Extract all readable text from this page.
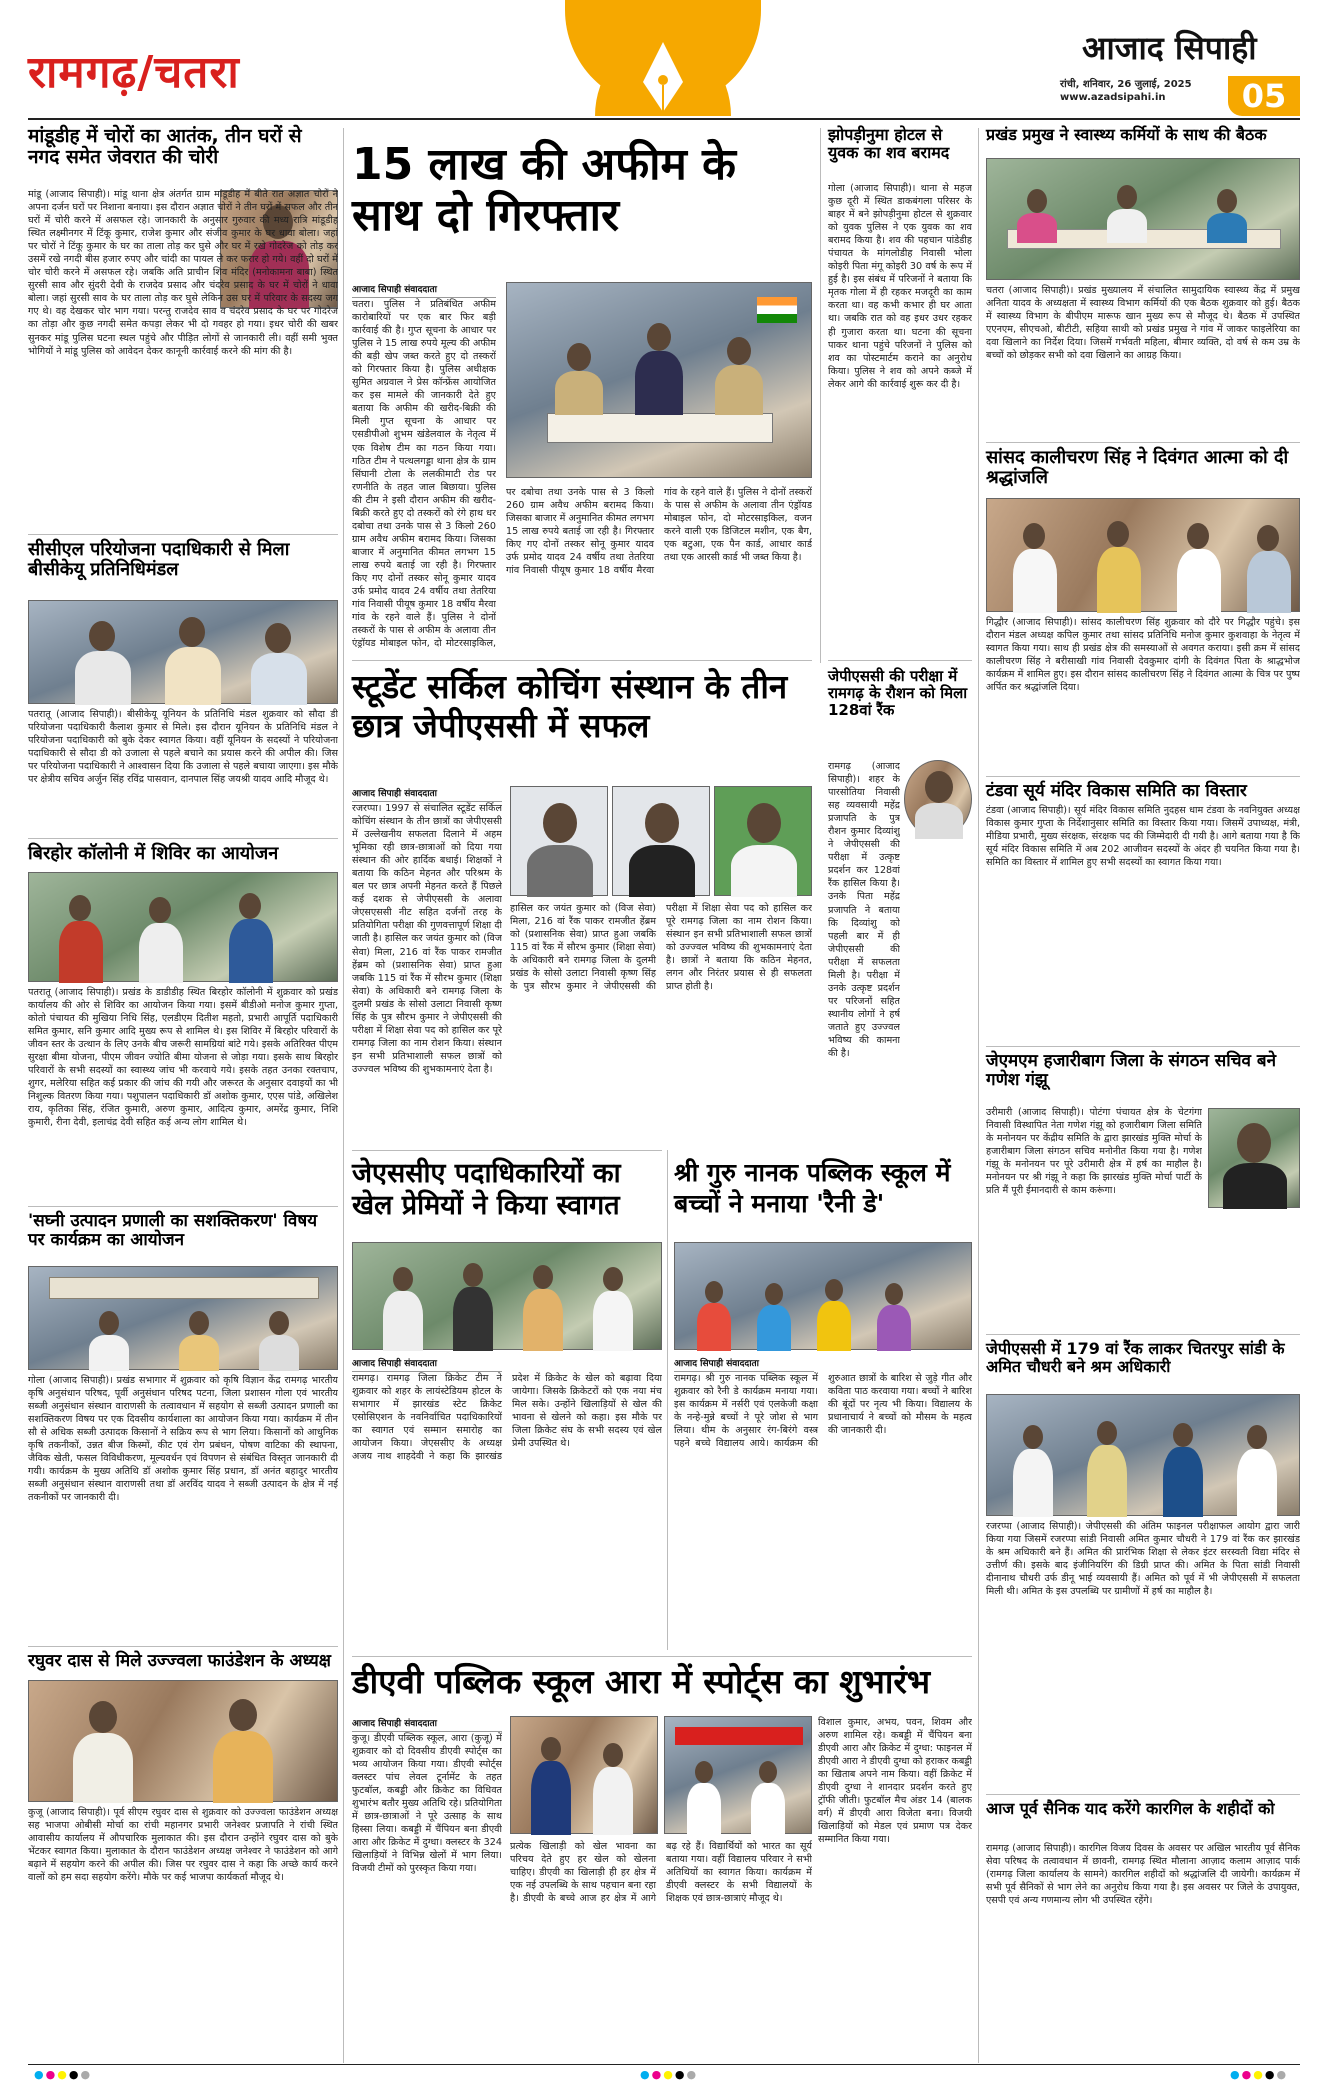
रामगढ़/चतरा	आजाद सिपाही
रांची, शनिवार, 26 जुलाई, 2025
www.azadsipahi.in	05
मांडूडीह में चोरों का आतंक, तीन घरों से नगद समेत जेवरात की चोरी
मांडू (आजाद सिपाही)। मांडू थाना क्षेत्र अंतर्गत ग्राम मांडूडीह में बीते रात अज्ञात चोरों ने अपना दर्जन घरों पर निशाना बनाया। इस दौरान अज्ञात चोरों ने तीन घरों में सफल और तीन घरों में चोरी करने में असफल रहे। जानकारी के अनुसार गुरुवार की मध्य रात्रि मांडूडीह स्थित लक्ष्मीनगर में टिंकू कुमार, राजेश कुमार और संजीव कुमार के घर धावा बोला। जहां पर चोरों ने टिंकू कुमार के घर का ताला तोड़ कर घुसे और घर में रखे गोदरेज को तोड़ कर उसमें रखे नगदी बीस हजार रुपए और चांदी का पायल ले कर फरार हो गये। वहीं दो घरों में चोर चोरी करने में असफल रहे। जबकि अति प्राचीन शिव मंदिर (मनोकामना बाबा) स्थित सुरसी साव और सुंदरी देवी के राजदेव प्रसाद और चंदरेव प्रसाद के घर में चोरों ने धावा बोला। जहां सुरसी साव के घर ताला तोड़ कर घुसे लेकिन उस घर में परिवार के सदस्य जग गए थे। वह देखकर चोर भाग गया। परन्तु राजदेव साव व चंदरेव प्रसाद के घर पर गोदरेज का तोड़ा और कुछ नगदी समेत कपड़ा लेकर भी दो गवहर हो गया। इधर चोरी की खबर सुनकर मांडू पुलिस घटना स्थल पहुंचे और पीड़ित लोगों से जानकारी ली। वहीं समी भुक्त भोगियों ने मांडू पुलिस को आवेदन देकर कानूनी कार्रवाई करने की मांग की है।
सीसीएल परियोजना पदाधिकारी से मिला बीसीकेयू प्रतिनिधिमंडल
पतरातू (आजाद सिपाही)। बीसीकेयू यूनियन के प्रतिनिधि मंडल शुक्रवार को सौदा डी परियोजना पदाधिकारी कैलाश कुमार से मिले। इस दौरान यूनियन के प्रतिनिधि मंडल ने परियोजना पदाधिकारी को बुके देकर स्वागत किया। वहीं यूनियन के सदस्यों ने परियोजना पदाधिकारी से सौदा डी को उजाला से पहले बचाने का प्रयास करने की अपील की। जिस पर परियोजना पदाधिकारी ने आश्वासन दिया कि उजाला से पहले बचाया जाएगा। इस मौके पर क्षेत्रीय सचिव अर्जुन सिंह रविंद्र पासवान, दानपाल सिंह जयश्री यादव आदि मौजूद थे।
बिरहोर कॉलोनी में शिविर का आयोजन
पतरातू (आजाद सिपाही)। प्रखंड के डाडीडीह स्थित बिरहोर कॉलोनी में शुक्रवार को प्रखंड कार्यालय की ओर से शिविर का आयोजन किया गया। इसमें बीडीओ मनोज कुमार गुप्ता, कोतो पंचायत की मुखिया निधि सिंह, एलडीएम दितीश महतो, प्रभारी आपूर्ति पदाधिकारी समित कुमार, सनि कुमार आदि मुख्य रूप से शामिल थे। इस शिविर में बिरहोर परिवारों के जीवन स्तर के उत्थान के लिए उनके बीच जरूरी सामग्रियां बांटे गये। इसके अतिरिक्त पीएम सुरक्षा बीमा योजना, पीएम जीवन ज्योति बीमा योजना से जोड़ा गया। इसके साथ बिरहोर परिवारों के सभी सदस्यों का स्वास्थ्य जांच भी करवाये गये। इसके तहत उनका रक्तचाप, शुगर, मलेरिया सहित कई प्रकार की जांच की गयी और जरूरत के अनुसार दवाइयों का भी निशुल्क वितरण किया गया। पशुपालन पदाधिकारी डॉ अशोक कुमार, एएस पांडे, अखिलेश राय, कृतिका सिंह, रंजित कुमारी, अरुण कुमार, आदित्य कुमार, अमरेंद्र कुमार, निशि कुमारी, रीना देवी, इलाचंद्र देवी सहित कई अन्य लोग शामिल थे।
'सघ्नी उत्पादन प्रणाली का सशक्तिकरण' विषय पर कार्यक्रम का आयोजन
गोला (आजाद सिपाही)। प्रखंड सभागार में शुक्रवार को कृषि विज्ञान केंद्र रामगढ़ भारतीय कृषि अनुसंधान परिषद, पूर्वी अनुसंधान परिषद पटना, जिला प्रशासन गोला एवं भारतीय सब्जी अनुसंधान संस्थान वाराणसी के तत्वावधान में सहयोग से सब्जी उत्पादन प्रणाली का सशक्तिकरण विषय पर एक दिवसीय कार्यशाला का आयोजन किया गया। कार्यक्रम में तीन सौ से अधिक सब्जी उत्पादक किसानों ने सक्रिय रूप से भाग लिया। किसानों को आधुनिक कृषि तकनीकों, उन्नत बीज किस्मों, कीट एवं रोग प्रबंधन, पोषण वाटिका की स्थापना, जैविक खेती, फसल विविधीकरण, मूल्यवर्धन एवं विपणन से संबंधित विस्तृत जानकारी दी गयी। कार्यक्रम के मुख्य अतिथि डॉ अशोक कुमार सिंह प्रधान, डॉ अनंत बहादुर भारतीय सब्जी अनुसंधान संस्थान वाराणसी तथा डॉ अरविंद यादव ने सब्जी उत्पादन के क्षेत्र में नई तकनीकों पर जानकारी दी।
रघुवर दास से मिले उज्ज्वला फाउंडेशन के अध्यक्ष
कुजू (आजाद सिपाही)। पूर्व सीएम रघुवर दास से शुक्रवार को उज्ज्वला फाउंडेशन अध्यक्ष सह भाजपा ओबीसी मोर्चा का रांची महानगर प्रभारी जनेश्वर प्रजापति ने रांची स्थित आवासीय कार्यालय में औपचारिक मुलाकात की। इस दौरान उन्होंने रघुवर दास को बुके भेंटकर स्वागत किया। मुलाकात के दौरान फाउंडेशन अध्यक्ष जनेश्वर ने फाउंडेशन को आगे बढ़ाने में सहयोग करने की अपील की। जिस पर रघुवर दास ने कहा कि अच्छे कार्य करने वालों को हम सदा सहयोग करेंगे। मौके पर कई भाजपा कार्यकर्ता मौजूद थे।
15 लाख की अफीम के साथ दो गिरफ्तार
आजाद सिपाही संवाददाता
चतरा। पुलिस ने प्रतिबंधित अफीम कारोबारियों पर एक बार फिर बड़ी कार्रवाई की है। गुप्त सूचना के आधार पर पुलिस ने 15 लाख रुपये मूल्य की अफीम की बड़ी खेप जब्त करते हुए दो तस्करों को गिरफ्तार किया है। पुलिस अधीक्षक सुमित अग्रवाल ने प्रेस कॉन्फ्रेंस आयोजित कर इस मामले की जानकारी देते हुए बताया कि अफीम की खरीद-बिक्री की मिली गुप्त सूचना के आधार पर एसडीपीओ शुभम खंडेलवाल के नेतृत्व में एक विशेष टीम का गठन किया गया। गठित टीम ने पत्थलगड्डा थाना क्षेत्र के ग्राम सिंघानी टोला के ललकीमाटी रोड पर रणनीति के तहत जाल बिछाया। पुलिस की टीम ने इसी दौरान अफीम की खरीद-बिक्री करते हुए दो तस्करों को रंगे हाथ धर दबोचा तथा उनके पास से 3 किलो 260 ग्राम अवैध अफीम बरामद किया। जिसका बाजार में अनुमानित कीमत लगभग 15 लाख रुपये बताई जा रही है। गिरफ्तार किए गए दोनों तस्कर सोनू कुमार यादव उर्फ प्रमोद यादव 24 वर्षीय तथा तेतरिया गांव निवासी पीयूष कुमार 18 वर्षीय मैरवा गांव के रहने वाले हैं। पुलिस ने दोनों तस्करों के पास से अफीम के अलावा तीन एंड्रॉयड मोबाइल फोन, दो मोटरसाइकिल,
पर दबोचा तथा उनके पास से 3 किलो 260 ग्राम अवैध अफीम बरामद किया। जिसका बाजार में अनुमानित कीमत लगभग 15 लाख रुपये बताई जा रही है। गिरफ्तार किए गए दोनों तस्कर सोनू कुमार यादव उर्फ प्रमोद यादव 24 वर्षीय तथा तेतरिया गांव निवासी पीयूष कुमार 18 वर्षीय मैरवा गांव के रहने वाले हैं। पुलिस ने दोनों तस्करों के पास से अफीम के अलावा तीन एंड्रॉयड मोबाइल फोन, दो मोटरसाइकिल, वजन करने वाली एक डिजिटल मशीन, एक बैग, एक बटुआ, एक पैन कार्ड, आधार कार्ड तथा एक आरसी कार्ड भी जब्त किया है।
झोपड़ीनुमा होटल से युवक का शव बरामद
गोला (आजाद सिपाही)। थाना से महज कुछ दूरी में स्थित डाकबंगला परिसर के बाहर में बने झोपड़ीनुमा होटल से शुक्रवार को युवक पुलिस ने एक युवक का शव बरामद किया है। शव की पहचान पांडेडीह पंचायत के मांगलोडीह निवासी भोला कोइरी पिता मंगू कोइरी 30 वर्ष के रूप में हुई है। इस संबंध में परिजनों ने बताया कि मृतक गोला में ही रहकर मजदूरी का काम करता था। वह कभी कभार ही घर आता था। जबकि रात को वह इधर उधर रहकर ही गुजारा करता था। घटना की सूचना पाकर थाना पहुंचे परिजनों ने पुलिस को शव का पोस्टमार्टम कराने का अनुरोध किया। पुलिस ने शव को अपने कब्जे में लेकर आगे की कार्रवाई शुरू कर दी है।
स्टूडेंट सर्किल कोचिंग संस्थान के तीन छात्र जेपीएससी में सफल
आजाद सिपाही संवाददाता
रजरप्पा। 1997 से संचालित स्टूडेंट सर्किल कोचिंग संस्थान के तीन छात्रों का जेपीएससी में उल्लेखनीय सफलता दिलाने में अहम भूमिका रही छात्र-छात्राओं को दिया गया संस्थान की ओर हार्दिक बधाई। शिक्षकों ने बताया कि कठिन मेहनत और परिश्रम के बल पर छात्र अपनी मेहनत करते हैं पिछले कई दशक से जेपीएससी के अलावा जेएसएससी नीट सहित दर्जनों तरह के प्रतियोगिता परीक्षा की गुणवत्तापूर्ण शिक्षा दी जाती है। हासिल कर जयंत कुमार को (विज सेवा) मिला, 216 वां रैंक पाकर रामजीत हेंब्रम को (प्रशासनिक सेवा) प्राप्त हुआ जबकि 115 वां रैंक में सौरभ कुमार (शिक्षा सेवा) के अधिकारी बने रामगढ़ जिला के दुलमी प्रखंड के सोसो उलाटा निवासी कृष्ण सिंह के पुत्र सौरभ कुमार ने जेपीएससी की परीक्षा में शिक्षा सेवा पद को हासिल कर पूरे रामगढ़ जिला का नाम रोशन किया। संस्थान इन सभी प्रतिभाशाली सफल छात्रों को उज्ज्वल भविष्य की शुभकामनाएं देता है।
हासिल कर जयंत कुमार को (विज सेवा) मिला, 216 वां रैंक पाकर रामजीत हेंब्रम को (प्रशासनिक सेवा) प्राप्त हुआ जबकि 115 वां रैंक में सौरभ कुमार (शिक्षा सेवा) के अधिकारी बने रामगढ़ जिला के दुलमी प्रखंड के सोसो उलाटा निवासी कृष्ण सिंह के पुत्र सौरभ कुमार ने जेपीएससी की परीक्षा में शिक्षा सेवा पद को हासिल कर पूरे रामगढ़ जिला का नाम रोशन किया। संस्थान इन सभी प्रतिभाशाली सफल छात्रों को उज्ज्वल भविष्य की शुभकामनाएं देता है। छात्रों ने बताया कि कठिन मेहनत, लगन और निरंतर प्रयास से ही सफलता प्राप्त होती है।
जेपीएससी की परीक्षा में रामगढ़ के रौशन को मिला 128वां रैंक
रामगढ़ (आजाद सिपाही)। शहर के पारसोतिया निवासी सह व्यवसायी महेंद्र प्रजापति के पुत्र रौशन कुमार दिव्यांशु ने जेपीएससी की परीक्षा में उत्कृष्ट प्रदर्शन कर 128वां रैंक हासिल किया है। उनके पिता महेंद्र प्रजापति ने बताया कि दिव्यांशु को पहली बार में ही जेपीएससी की परीक्षा में सफलता मिली है। परीक्षा में उनके उत्कृष्ट प्रदर्शन पर परिजनों सहित स्थानीय लोगों ने हर्ष जताते हुए उज्ज्वल भविष्य की कामना की है।
जेएससीए पदाधिकारियों का खेल प्रेमियों ने किया स्वागत
आजाद सिपाही संवाददाता
रामगढ़। रामगढ़ जिला क्रिकेट टीम ने शुक्रवार को शहर के लायंस्टेडियम होटल के सभागार में झारखंड स्टेट क्रिकेट एसोसिएशन के नवनिर्वाचित पदाधिकारियों का स्वागत एवं सम्मान समारोह का आयोजन किया। जेएससीए के अध्यक्ष अजय नाथ शाहदेवी ने कहा कि झारखंड प्रदेश में क्रिकेट के खेल को बढ़ावा दिया जायेगा। जिसके क्रिकेटरों को एक नया मंच मिल सके। उन्होंने खिलाड़ियों से खेल की भावना से खेलने को कहा। इस मौके पर जिला क्रिकेट संघ के सभी सदस्य एवं खेल प्रेमी उपस्थित थे।
श्री गुरु नानक पब्लिक स्कूल में बच्चों ने मनाया 'रैनी डे'
आजाद सिपाही संवाददाता
रामगढ़। श्री गुरु नानक पब्लिक स्कूल में शुक्रवार को रैनी डे कार्यक्रम मनाया गया। इस कार्यक्रम में नर्सरी एवं एलकेजी कक्षा के नन्हे-मुन्ने बच्चों ने पूरे जोश से भाग लिया। थीम के अनुसार रंग-बिरंगे वस्त्र पहने बच्चे विद्यालय आये। कार्यक्रम की शुरुआत छात्रों के बारिश से जुड़े गीत और कविता पाठ करवाया गया। बच्चों ने बारिश की बूंदों पर नृत्य भी किया। विद्यालय के प्रधानाचार्य ने बच्चों को मौसम के महत्व की जानकारी दी।
डीएवी पब्लिक स्कूल आरा में स्पोर्ट्स का शुभारंभ
आजाद सिपाही संवाददाता
कुजू। डीएवी पब्लिक स्कूल, आरा (कुजू) में शुक्रवार को दो दिवसीय डीएवी स्पोर्ट्स का भव्य आयोजन किया गया। डीएवी स्पोर्ट्स क्लस्टर पांच लेवल टूर्नामेंट के तहत फुटबॉल, कबड्डी और क्रिकेट का विधिवत शुभारंभ बतौर मुख्य अतिथि रहे। प्रतियोगिता में छात्र-छात्राओं ने पूरे उत्साह के साथ हिस्सा लिया। कबड्डी में चैंपियन बना डीएवी आरा और क्रिकेट में दुग्धा। क्लस्टर के 324 खिलाड़ियों ने विभिन्न खेलों में भाग लिया। विजयी टीमों को पुरस्कृत किया गया।
प्रत्येक खिलाड़ी को खेल भावना का परिचय देते हुए हर खेल को खेलना चाहिए। डीएवी का खिलाड़ी ही हर क्षेत्र में एक नई उपलब्धि के साथ पहचान बना रहा है। डीएवी के बच्चे आज हर क्षेत्र में आगे बढ़ रहे हैं। विद्यार्थियों को भारत का सूर्य बताया गया। वहीं विद्यालय परिवार ने सभी अतिथियों का स्वागत किया। कार्यक्रम में डीएवी क्लस्टर के सभी विद्यालयों के शिक्षक एवं छात्र-छात्राएं मौजूद थे।
विशाल कुमार, अभय, पवन, शिवम और अरुण शामिल रहे। कबड्डी में चैंपियन बना डीएवी आरा और क्रिकेट में दुग्धा: फाइनल में डीएवी आरा ने डीएवी दुग्धा को हराकर कबड्डी का खिताब अपने नाम किया। वहीं क्रिकेट में डीएवी दुग्धा ने शानदार प्रदर्शन करते हुए ट्रॉफी जीती। फुटबॉल मैच अंडर 14 (बालक वर्ग) में डीएवी आरा विजेता बना। विजयी खिलाड़ियों को मेडल एवं प्रमाण पत्र देकर सम्मानित किया गया।
प्रखंड प्रमुख ने स्वास्थ्य कर्मियों के साथ की बैठक
चतरा (आजाद सिपाही)। प्रखंड मुख्यालय में संचालित सामुदायिक स्वास्थ्य केंद्र में प्रमुख अनिता यादव के अध्यक्षता में स्वास्थ्य विभाग कर्मियों की एक बैठक शुक्रवार को हुई। बैठक में स्वास्थ्य विभाग के बीपीएम मारूफ खान मुख्य रूप से मौजूद थे। बैठक में उपस्थित एएनएम, सीएचओ, बीटीटी, सहिया साथी को प्रखंड प्रमुख ने गांव में जाकर फाइलेरिया का दवा खिलाने का निर्देश दिया। जिसमें गर्भवती महिला, बीमार व्यक्ति, दो वर्ष से कम उम्र के बच्चों को छोड़कर सभी को दवा खिलाने का आग्रह किया।
सांसद कालीचरण सिंह ने दिवंगत आत्मा को दी श्रद्धांजलि
गिद्धौर (आजाद सिपाही)। सांसद कालीचरण सिंह शुक्रवार को दौरे पर गिद्धौर पहुंचे। इस दौरान मंडल अध्यक्ष कपिल कुमार तथा सांसद प्रतिनिधि मनोज कुमार कुशवाहा के नेतृत्व में स्वागत किया गया। साथ ही प्रखंड क्षेत्र की समस्याओं से अवगत कराया। इसी क्रम में सांसद कालीचरण सिंह ने बरीसाखी गांव निवासी देवकुमार दांगी के दिवंगत पिता के श्राद्धभोज कार्यक्रम में शामिल हुए। इस दौरान सांसद कालीचरण सिंह ने दिवंगत आत्मा के चित्र पर पुष्प अर्पित कर श्रद्धांजलि दिया।
टंडवा सूर्य मंदिर विकास समिति का विस्तार
टंडवा (आजाद सिपाही)। सूर्य मंदिर विकास समिति नुदहस धाम टंडवा के नवनियुक्त अध्यक्ष विकास कुमार गुप्ता के निर्देशानुसार समिति का विस्तार किया गया। जिसमें उपाध्यक्ष, मंत्री, मीडिया प्रभारी, मुख्य संरक्षक, संरक्षक पद की जिम्मेदारी दी गयी है। आगे बताया गया है कि सूर्य मंदिर विकास समिति में अब 202 आजीवन सदस्यों के अंदर ही चयनित किया गया है। समिति का विस्तार में शामिल हुए सभी सदस्यों का स्वागत किया गया।
जेएमएम हजारीबाग जिला के संगठन सचिव बने गणेश गंझू
उरीमारी (आजाद सिपाही)। पोटंगा पंचायत क्षेत्र के चेटगंगा निवासी विस्थापित नेता गणेश गंझू को हजारीबाग जिला समिति के मनोनयन पर केंद्रीय समिति के द्वारा झारखंड मुक्ति मोर्चा के हजारीबाग जिला संगठन सचिव मनोनीत किया गया है। गणेश गंझू के मनोनयन पर पूरे उरीमारी क्षेत्र में हर्ष का माहौल है। मनोनयन पर श्री गंझू ने कहा कि झारखंड मुक्ति मोर्चा पार्टी के प्रति मैं पूरी ईमानदारी से काम करूंगा।
जेपीएससी में 179 वां रैंक लाकर चितरपुर सांडी के अमित चौधरी बने श्रम अधिकारी
रजरप्पा (आजाद सिपाही)। जेपीएससी की अंतिम फाइनल परीक्षाफल आयोग द्वारा जारी किया गया जिसमें रजरप्पा सांडी निवासी अमित कुमार चौधरी ने 179 वां रैंक कर झारखंड के श्रम अधिकारी बने हैं। अमित की प्रारंभिक शिक्षा से लेकर इंटर सरस्वती विद्या मंदिर से उत्तीर्ण की। इसके बाद इंजीनियरिंग की डिग्री प्राप्त की। अमित के पिता सांडी निवासी दीनानाथ चौधरी उर्फ डीनू भाई व्यवसायी हैं। अमित को पूर्व में भी जेपीएससी में सफलता मिली थी। अमित के इस उपलब्धि पर ग्रामीणों में हर्ष का माहौल है।
आज पूर्व सैनिक याद करेंगे कारगिल के शहीदों को
रामगढ़ (आजाद सिपाही)। कारगिल विजय दिवस के अवसर पर अखिल भारतीय पूर्व सैनिक सेवा परिषद के तत्वावधान में छावनी, रामगढ़ स्थित मौलाना आज़ाद कलाम आज़ाद पार्क (रामगढ़ जिला कार्यालय के सामने) कारगिल शहीदों को श्रद्धांजलि दी जायेगी। कार्यक्रम में सभी पूर्व सैनिकों से भाग लेने का अनुरोध किया गया है। इस अवसर पर जिले के उपायुक्त, एसपी एवं अन्य गणमान्य लोग भी उपस्थित रहेंगे।
●●●●●	●●●●●	●●●●●
